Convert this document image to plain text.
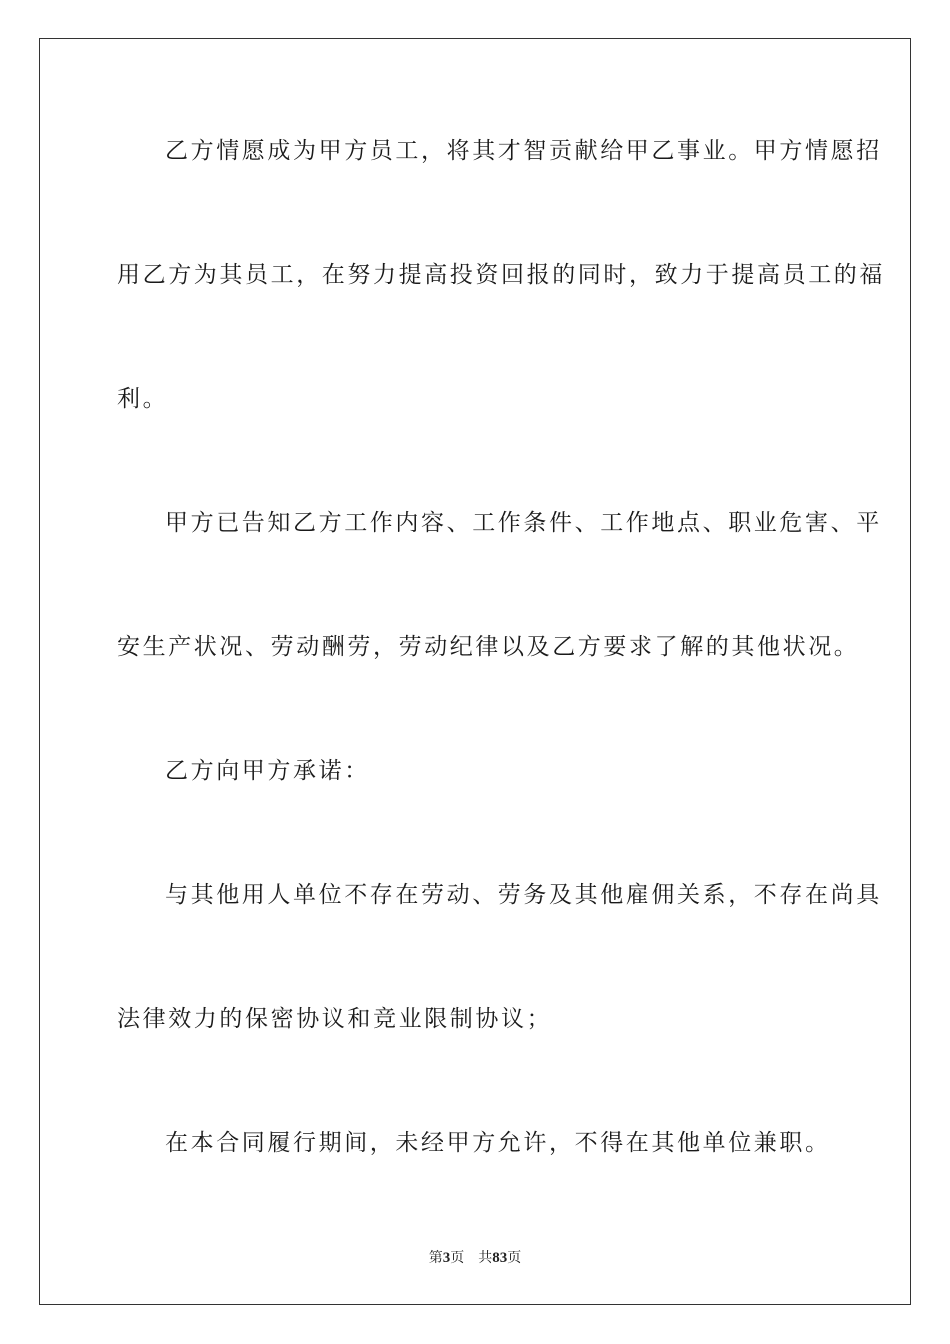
乙方情愿成为甲方员工，将其才智贡献给甲乙事业。甲方情愿招
用乙方为其员工，在努力提高投资回报的同时，致力于提高员工的福
利。
甲方已告知乙方工作内容、工作条件、工作地点、职业危害、平
安生产状况、劳动酬劳，劳动纪律以及乙方要求了解的其他状况。
乙方向甲方承诺：
与其他用人单位不存在劳动、劳务及其他雇佣关系，不存在尚具
法律效力的保密协议和竞业限制协议；
在本合同履行期间，未经甲方允许，不得在其他单位兼职。
第3页 共83页
